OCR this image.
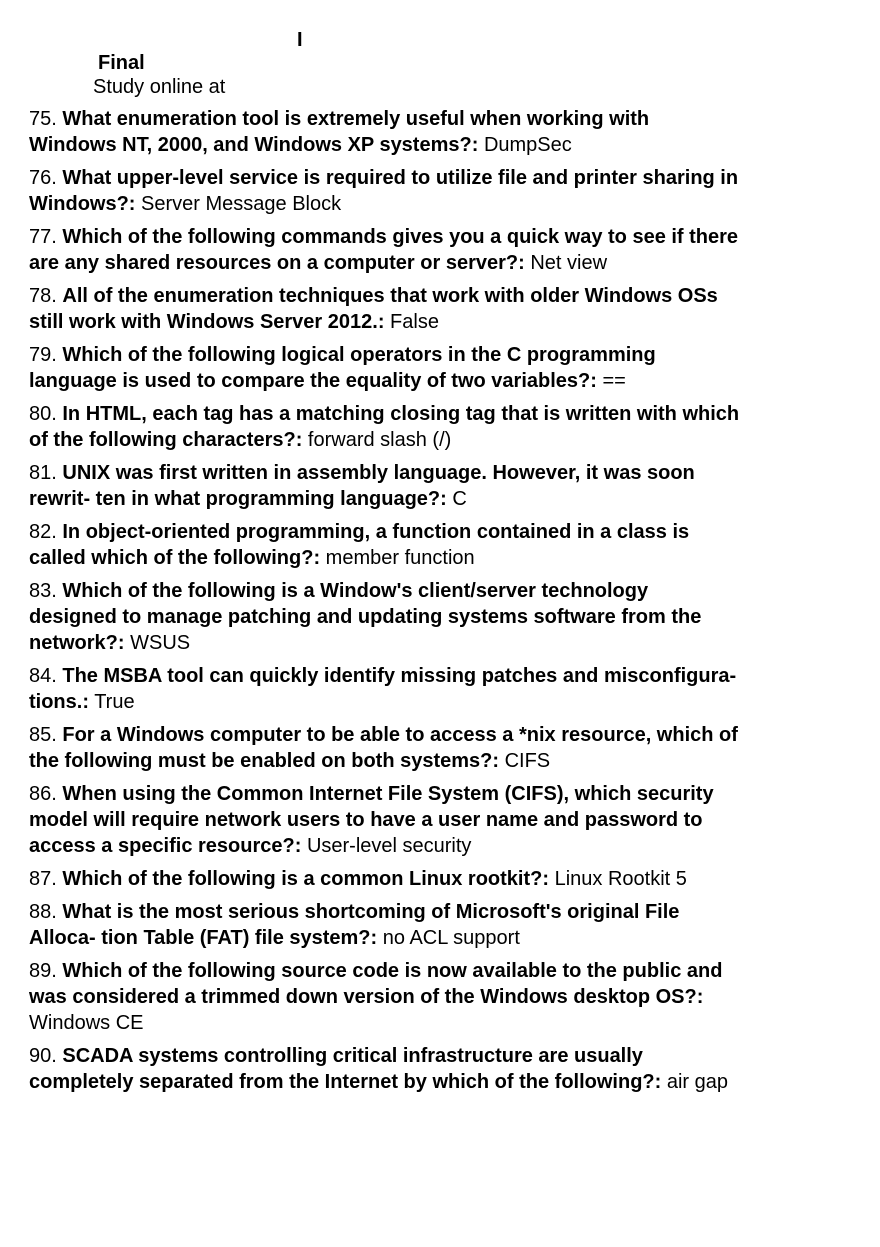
I
Final
Study online at
75. What enumeration tool is extremely useful when working with Windows NT, 2000, and Windows XP systems?: DumpSec
76. What upper-level service is required to utilize file and printer sharing in Windows?: Server Message Block
77. Which of the following commands gives you a quick way to see if there are any shared resources on a computer or server?: Net view
78. All of the enumeration techniques that work with older Windows OSs still work with Windows Server 2012.: False
79. Which of the following logical operators in the C programming language is used to compare the equality of two variables?: ==
80. In HTML, each tag has a matching closing tag that is written with which of the following characters?: forward slash (/)
81. UNIX was first written in assembly language. However, it was soon rewrit- ten in what programming language?: C
82. In object-oriented programming, a function contained in a class is called which of the following?: member function
83. Which of the following is a Window's client/server technology designed to manage patching and updating systems software from the network?: WSUS
84. The MSBA tool can quickly identify missing patches and misconfigura- tions.: True
85. For a Windows computer to be able to access a *nix resource, which of the following must be enabled on both systems?: CIFS
86. When using the Common Internet File System (CIFS), which security model will require network users to have a user name and password to access a specific resource?: User-level security
87. Which of the following is a common Linux rootkit?: Linux Rootkit 5
88. What is the most serious shortcoming of Microsoft's original File Alloca- tion Table (FAT) file system?: no ACL support
89. Which of the following source code is now available to the public and was considered a trimmed down version of the Windows desktop OS?: Windows CE
90. SCADA systems controlling critical infrastructure are usually completely separated from the Internet by which of the following?: air gap
